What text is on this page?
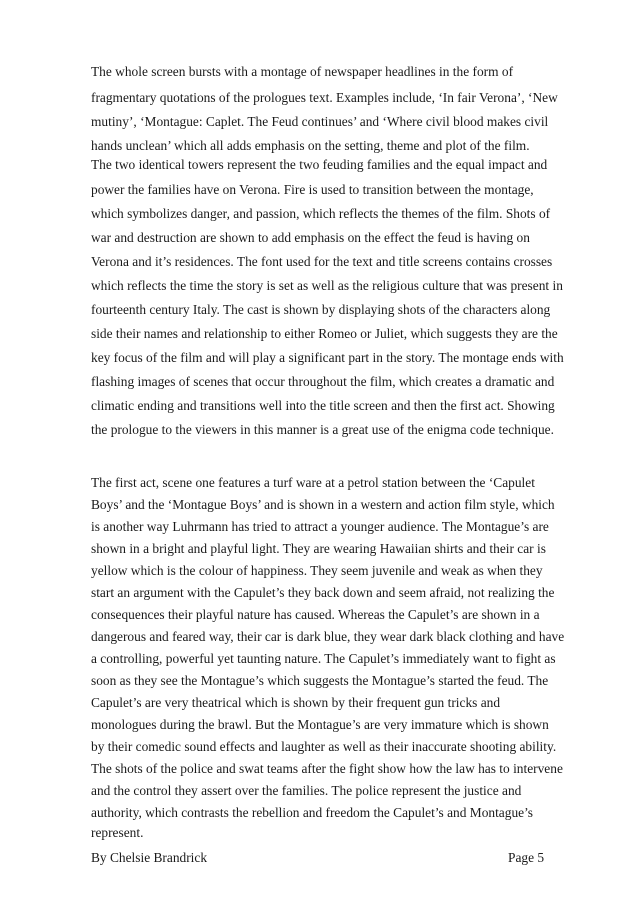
The whole screen bursts with a montage of newspaper headlines in the form of
fragmentary quotations of the prologues text. Examples include, ‘In fair Verona’, ‘New
mutiny’, ‘Montague: Caplet. The Feud continues’ and ‘Where civil blood makes civil
hands unclean’ which all adds emphasis on the setting, theme and plot of the film.
The two identical towers represent the two feuding families and the equal impact and
power the families have on Verona. Fire is used to transition between the montage,
which symbolizes danger, and passion, which reflects the themes of the film. Shots of
war and destruction are shown to add emphasis on the effect the feud is having on
Verona and it’s residences. The font used for the text and title screens contains crosses
which reflects the time the story is set as well as the religious culture that was present in
fourteenth century Italy. The cast is shown by displaying shots of the characters along
side their names and relationship to either Romeo or Juliet, which suggests they are the
key focus of the film and will play a significant part in the story. The montage ends with
flashing images of scenes that occur throughout the film, which creates a dramatic and
climatic ending and transitions well into the title screen and then the first act. Showing
the prologue to the viewers in this manner is a great use of the enigma code technique.
The first act, scene one features a turf ware at a petrol station between the ‘Capulet
Boys’ and the ‘Montague Boys’ and is shown in a western and action film style, which
is another way Luhrmann has tried to attract a younger audience. The Montague’s are
shown in a bright and playful light. They are wearing Hawaiian shirts and their car is
yellow which is the colour of happiness. They seem juvenile and weak as when they
start an argument with the Capulet’s they back down and seem afraid, not realizing the
consequences their playful nature has caused. Whereas the Capulet’s are shown in a
dangerous and feared way, their car is dark blue, they wear dark black clothing and have
a controlling, powerful yet taunting nature. The Capulet’s immediately want to fight as
soon as they see the Montague’s which suggests the Montague’s started the feud. The
Capulet’s are very theatrical which is shown by their frequent gun tricks and
monologues during the brawl. But the Montague’s are very immature which is shown
by their comedic sound effects and laughter as well as their inaccurate shooting ability.
The shots of the police and swat teams after the fight show how the law has to intervene
and the control they assert over the families. The police represent the justice and
authority, which contrasts the rebellion and freedom the Capulet’s and Montague’s
represent.
By Chelsie Brandrick	Page 5
